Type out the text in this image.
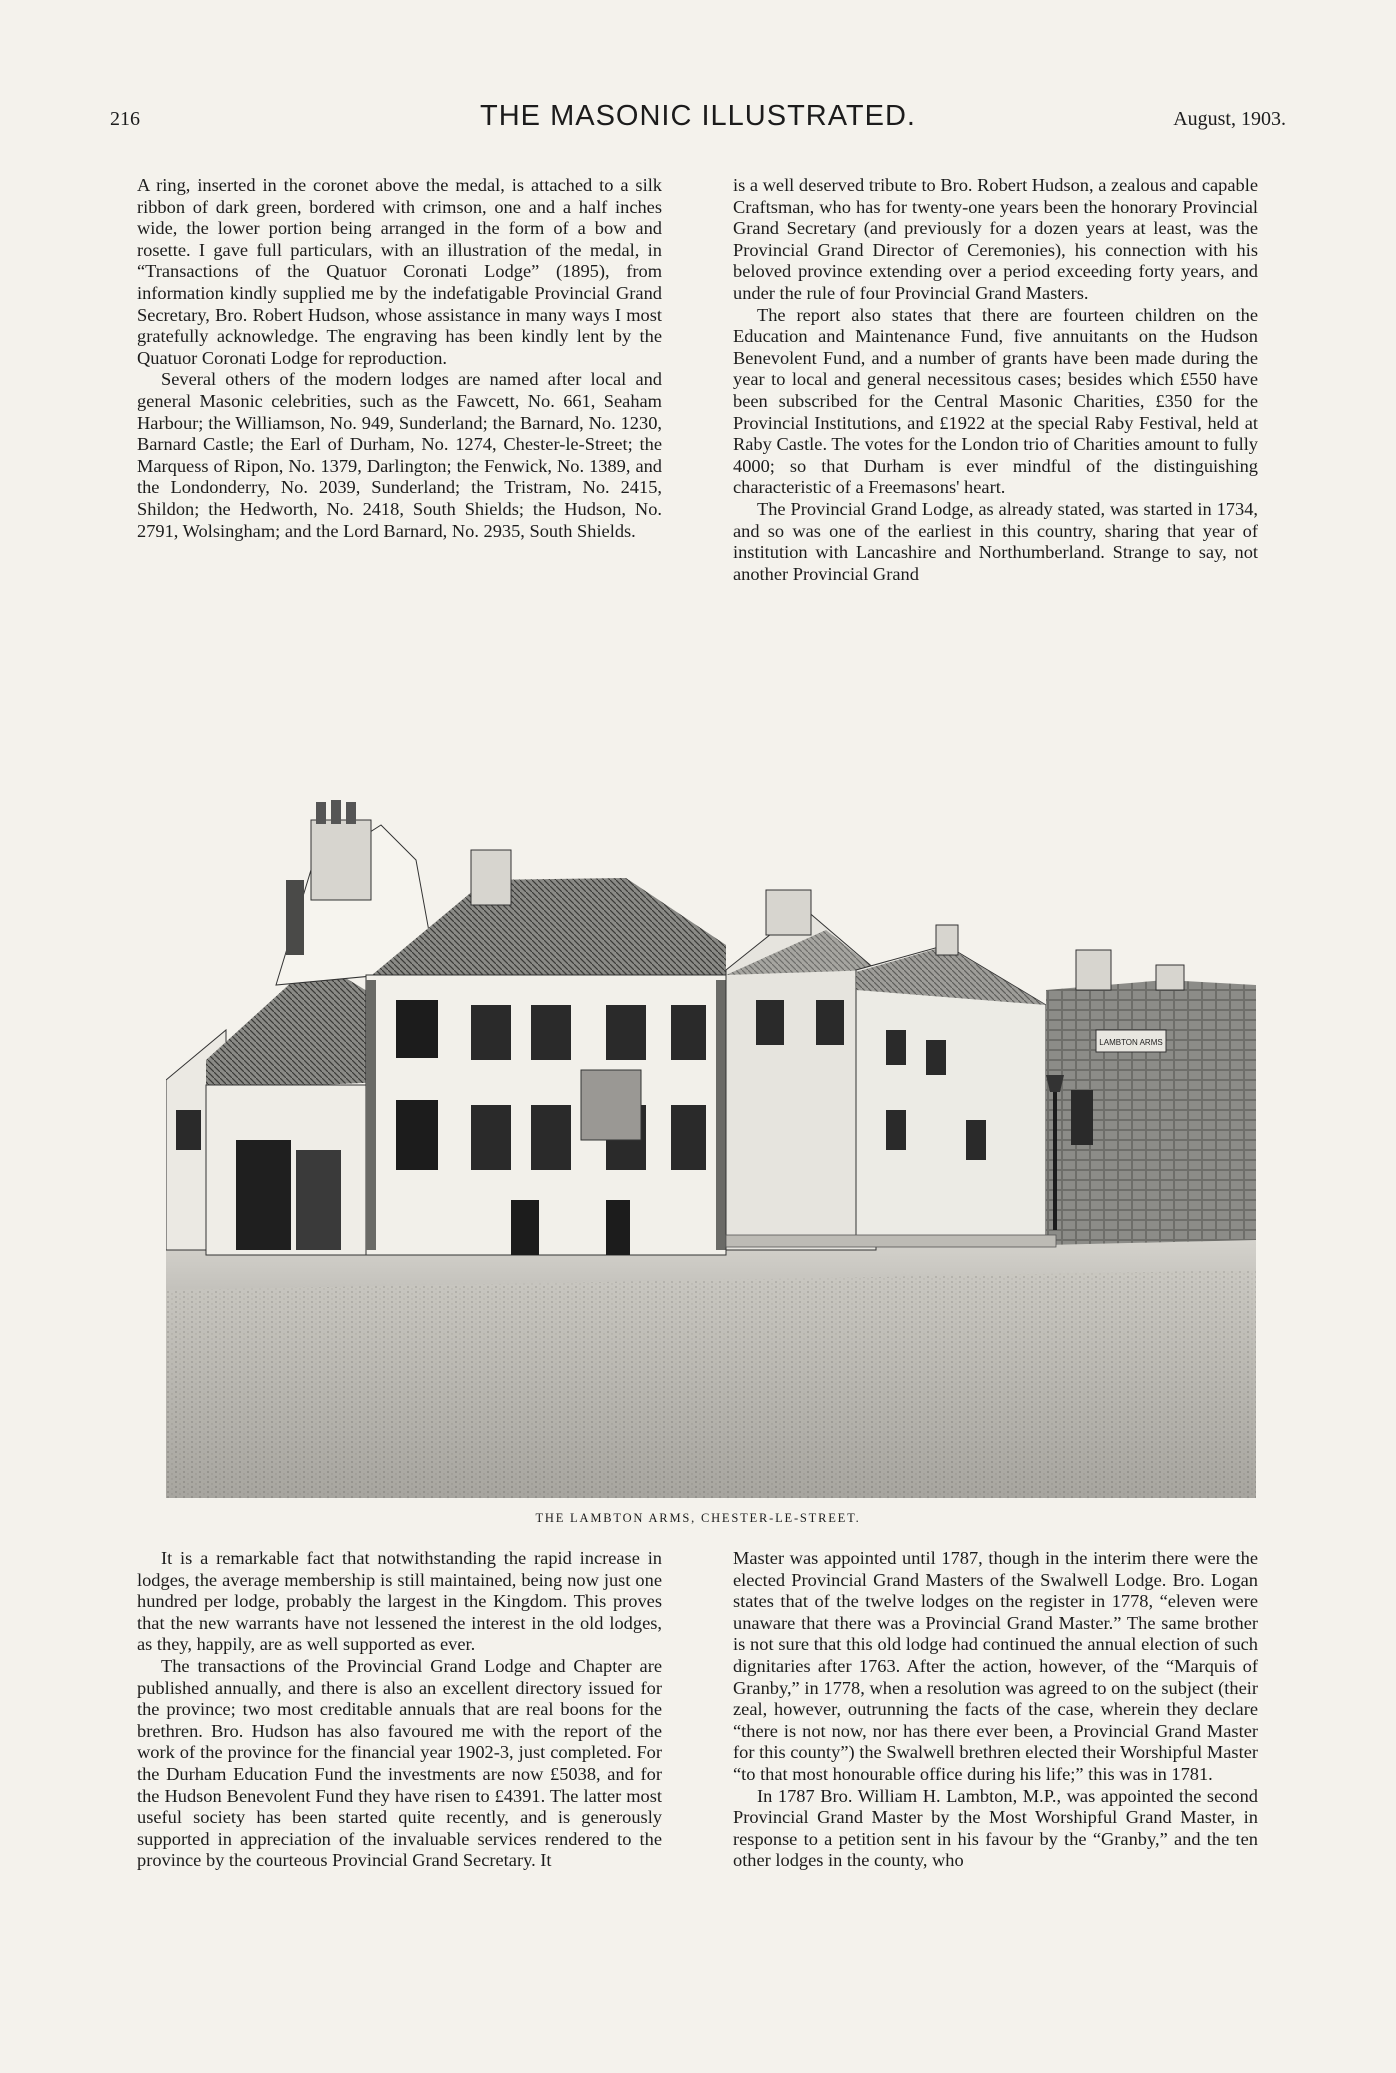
216	THE MASONIC ILLUSTRATED.	August, 1903.

A ring, inserted in the coronet above the medal, is attached to a silk ribbon of dark green, bordered with crimson, one and a half inches wide, the lower portion being arranged in the form of a bow and rosette. I gave full particulars, with an illustration of the medal, in “Transactions of the Quatuor Coronati Lodge” (1895), from information kindly supplied me by the indefatigable Provincial Grand Secretary, Bro. Robert Hudson, whose assistance in many ways I most gratefully acknowledge. The engraving has been kindly lent by the Quatuor Coronati Lodge for reproduction.

Several others of the modern lodges are named after local and general Masonic celebrities, such as the Fawcett, No. 661, Seaham Harbour; the Williamson, No. 949, Sunderland; the Barnard, No. 1230, Barnard Castle; the Earl of Durham, No. 1274, Chester-le-Street; the Marquess of Ripon, No. 1379, Darlington; the Fenwick, No. 1389, and the Londonderry, No. 2039, Sunderland; the Tristram, No. 2415, Shildon; the Hedworth, No. 2418, South Shields; the Hudson, No. 2791, Wolsingham; and the Lord Barnard, No. 2935, South Shields.

is a well deserved tribute to Bro. Robert Hudson, a zealous and capable Craftsman, who has for twenty-one years been the honorary Provincial Grand Secretary (and previously for a dozen years at least, was the Provincial Grand Director of Ceremonies), his connection with his beloved province extending over a period exceeding forty years, and under the rule of four Provincial Grand Masters.

The report also states that there are fourteen children on the Education and Maintenance Fund, five annuitants on the Hudson Benevolent Fund, and a number of grants have been made during the year to local and general necessitous cases; besides which £550 have been subscribed for the Central Masonic Charities, £350 for the Provincial Institutions, and £1922 at the special Raby Festival, held at Raby Castle. The votes for the London trio of Charities amount to fully 4000; so that Durham is ever mindful of the distinguishing characteristic of a Freemasons' heart.

The Provincial Grand Lodge, as already stated, was started in 1734, and so was one of the earliest in this country, sharing that year of institution with Lancashire and Northumberland. Strange to say, not another Provincial Grand

LAMBTON ARMS
THE LAMBTON ARMS, CHESTER-LE-STREET.

It is a remarkable fact that notwithstanding the rapid increase in lodges, the average membership is still maintained, being now just one hundred per lodge, probably the largest in the Kingdom. This proves that the new warrants have not lessened the interest in the old lodges, as they, happily, are as well supported as ever.

The transactions of the Provincial Grand Lodge and Chapter are published annually, and there is also an excellent directory issued for the province; two most creditable annuals that are real boons for the brethren. Bro. Hudson has also favoured me with the report of the work of the province for the financial year 1902-3, just completed. For the Durham Education Fund the investments are now £5038, and for the Hudson Benevolent Fund they have risen to £4391. The latter most useful society has been started quite recently, and is generously supported in appreciation of the invaluable services rendered to the province by the courteous Provincial Grand Secretary. It

Master was appointed until 1787, though in the interim there were the elected Provincial Grand Masters of the Swalwell Lodge. Bro. Logan states that of the twelve lodges on the register in 1778, “eleven were unaware that there was a Provincial Grand Master.” The same brother is not sure that this old lodge had continued the annual election of such dignitaries after 1763. After the action, however, of the “Marquis of Granby,” in 1778, when a resolution was agreed to on the subject (their zeal, however, outrunning the facts of the case, wherein they declare “there is not now, nor has there ever been, a Provincial Grand Master for this county”) the Swalwell brethren elected their Worshipful Master “to that most honourable office during his life;” this was in 1781.

In 1787 Bro. William H. Lambton, M.P., was appointed the second Provincial Grand Master by the Most Worshipful Grand Master, in response to a petition sent in his favour by the “Granby,” and the ten other lodges in the county, who
